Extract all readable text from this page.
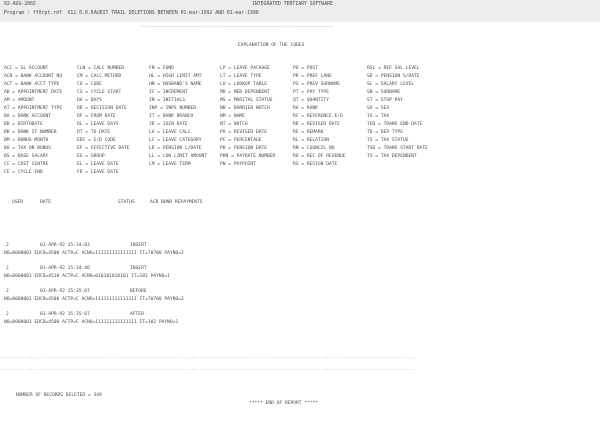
02-AUG-2002	INTEGRATED TERTIARY SOFTWARE
Program : ffXrpt.rdf  V12.0.0.0 AUDIT TRAIL DELETIONS BETWEEN 01-mar-1992 AND 01-mar-1990
----------------------------------------------------------------------
EXPLANATION OF THE CODES
ACC = GL ACCOUNT	CLN = CALC NUMBER	FN = FUND	LP = LEAVE PACKAGE	PO = POST	RSL = REF SAL LEVEL
ACN = BANK ACCOUNT NO	CM = CALC METHOD	HL = HIGH LIMIT AMT	LT = LEAVE TYPE	PR = PREF LANG	SD = PENSION S/DATE
ACT = BANK ACCT TYPE	CO = CODE	HN = HUSBAND'S NAME	LU = LOOKUP TABLE	PS = PREV SURNAME	SL = SALARY LEVEL
AD = APPOINTMENT DATE	CS = CYCLE START	IC = INCREMENT	MD = MED DEPENDENT	PT = PAY TYPE	SN = SURNAME
AM = AMOUNT	DA = DAYS	IN = INITIALS	MS = MARITAL STATUS	QT = QUANTITY	ST = STOP PAY
AT = APPOINTMENT TYPE	DD = DECISION DATE	INP = INPS NUMBER	NB = BARRIER NOTCH	RA = RANK	SX = SEX
BA = BANK ACCOUNT	DF = FROM DATE	IT = BANK BRANCH	NM = NAME	RC = REFERENCE E/O	TA = TAX
BD = BIRTHDATE	DL = LEAVE DAYS	JD = JOIN DATE	NT = NOTCH	RD = REVISED DATE	TED = TRANS END DATE
BK = BANK IT NUMBER	DT = TO DATE	LA = LEAVE CALC	PA = REVISED DATE	RE = REMARK	TD = DEP TYPE
BM = BONUS MONTH	EDC = E/D CODE	LC = LEAVE CATEGORY	PC = PERCENTAGE	RL = RELATION	TS = TAX STATUS
BO = TAX ON BONUS	EF = EFFECTIVE DATE	LD = PENSION L/DATE	PD = PENSION DATE	RN = COUNCIL NO	TSD = TRANS START DATE
BS = BASE SALARY	EG = GROUP	LL = LOW LIMIT AMOUNT	PDN = PAYDATE NUMBER	RO = REC OF REVENUE	TX = TAX DEPENDENT
CC = COST CENTRE	EL = LEAVE DATE	LM = LEAVE TERM	PN = PAYPOINT	RS = RESIGN DATE
CE = CYCLE END	FD = LEAVE DATE
USER	DATE	STATUS	ACB BOND REPAYMENTS
J	01-APR-92 15:34:03	INSERT
NO=0000001 EDCD=4500 ACTP=C ACNO=111111111111111 IT=70700 PAYNO=2
J	01-APR-92 15:34:46	INSERT
NO=0000001 EDCD=4510 ACTP=C ACNO=010101010101 IT=102 PAYNO=1
J	01-APR-92 15:35:07	BEFORE
NO=0000001 EDCD=4500 ACTP=C ACNO=111111111111111 IT=70700 PAYNO=2
J	01-APR-92 15:35:07	AFTER
NO=0000001 EDCD=4500 ACTP=C ACNO=111111111111111 IT=102 PAYNO=1
......................................................................................................................................................
......................................................................................................................................................
NUMBER OF RECORDS DELETED = 349
***** END OF REPORT *****
